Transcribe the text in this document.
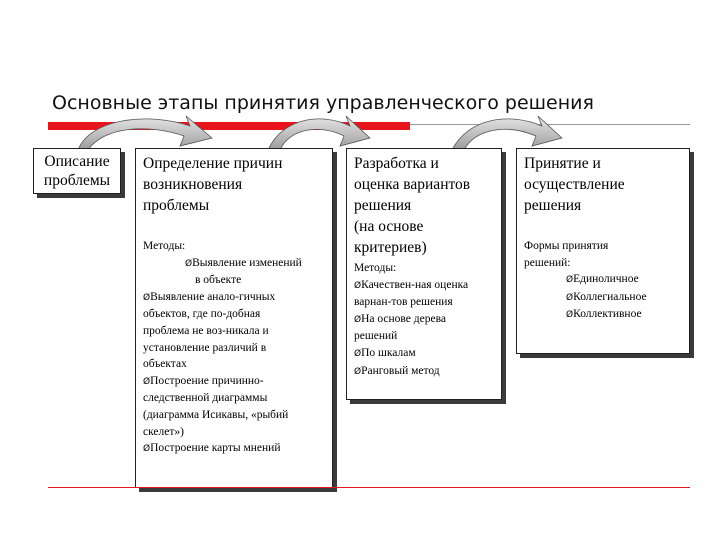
Основные этапы принятия управленческого решения
Описание
проблемы
Определение причин
возникновения
проблемы
Методы:
ØВыявление изменений
в объекте
ØВыявление анало-гичных
объектов, где по-добная
проблема не воз-никала и
установление различий в
объектах
ØПостроение причинно-
следственной диаграммы
(диаграмма Исикавы, «рыбий
скелет»)
ØПостроение карты мнений
Разработка и
оценка вариантов
решения
(на основе
критериев)
Методы:
ØКачествен-ная оценка
варнан-тов решения
ØНа основе дерева
решений
ØПо шкалам
ØРанговый метод
Принятие и
осуществление
решения
Формы принятия
решений:
ØЕдиноличное
ØКоллегиальное
ØКоллективное
